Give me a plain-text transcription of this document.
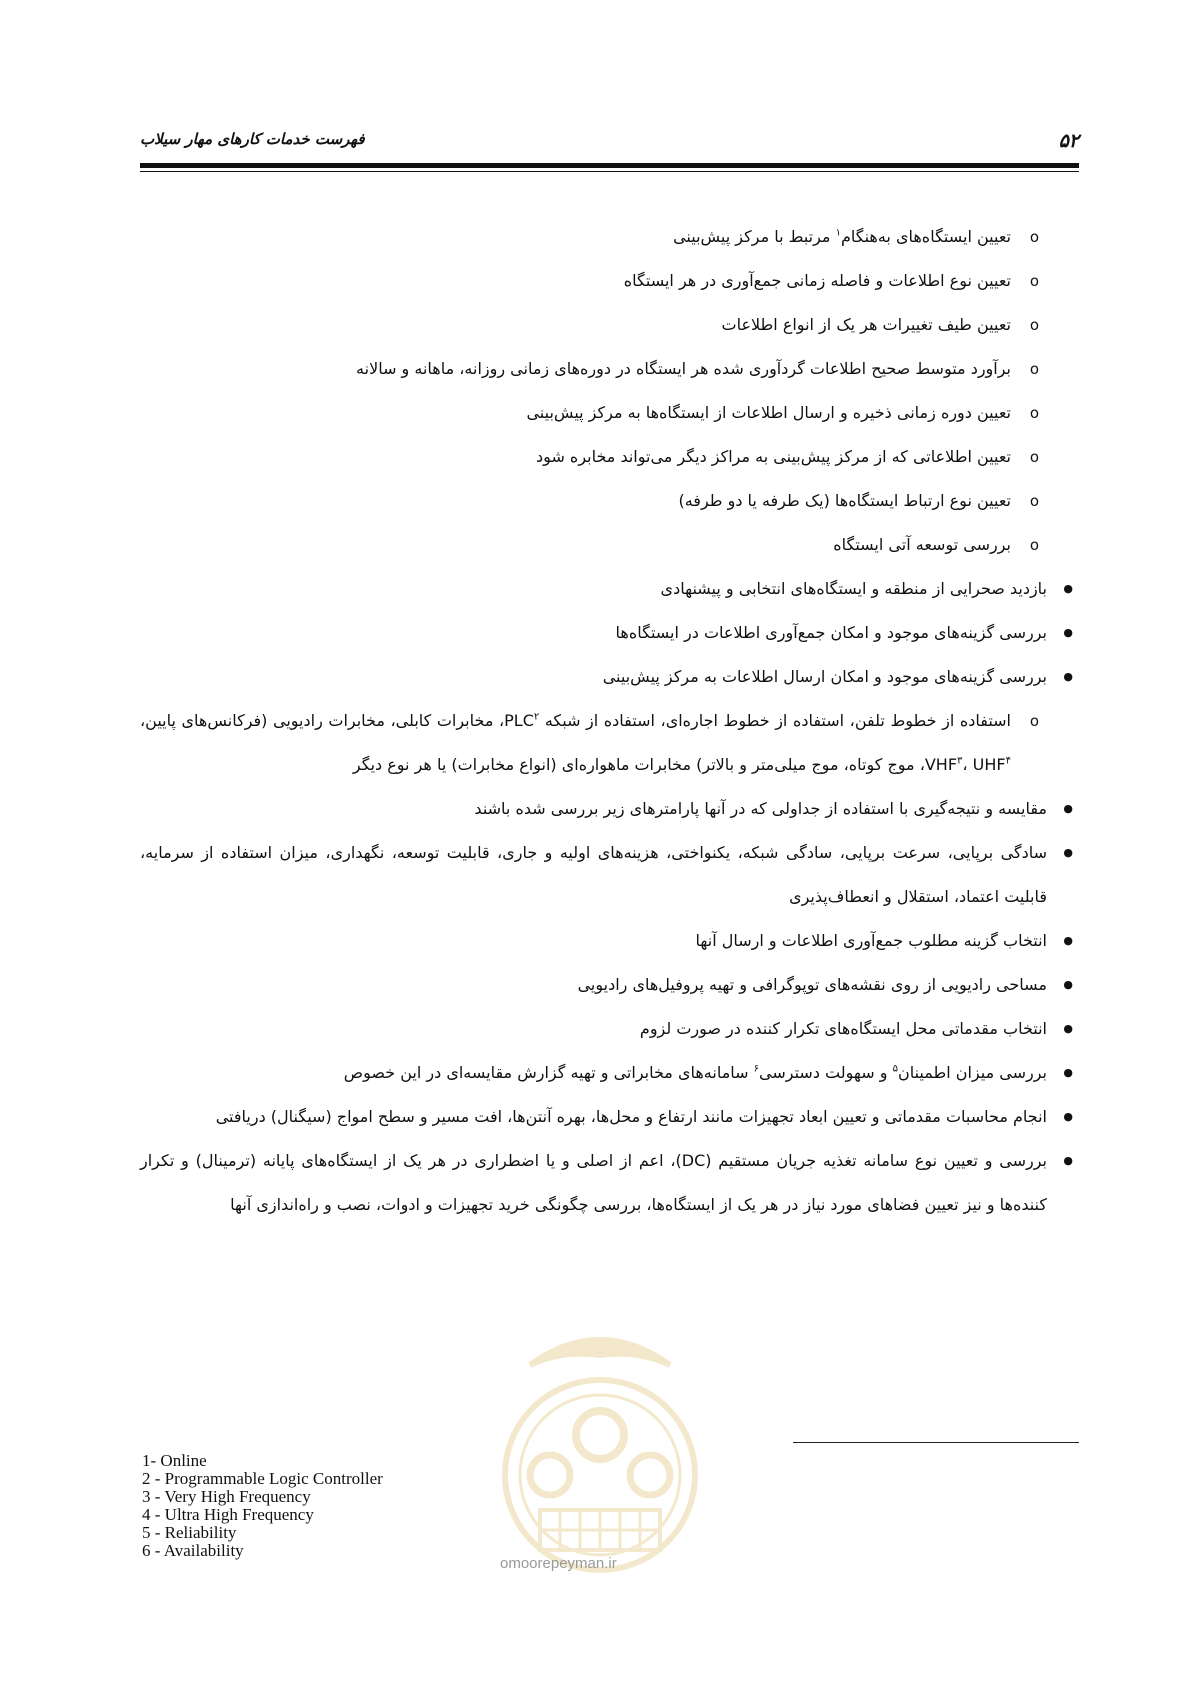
فهرست خدمات کارهای مهار سیلاب	۵۲
o
تعیین ایستگاه‌های به‌هنگام$^۱$ مرتبط با مرکز پیش‌بینی
o
تعیین نوع اطلاعات و فاصله زمانی جمع‌آوری در هر ایستگاه
o
تعیین طیف تغییرات هر یک از انواع اطلاعات
o
برآورد متوسط صحیح اطلاعات گردآوری شده هر ایستگاه در دوره‌های زمانی روزانه، ماهانه و سالانه
o
تعیین دوره زمانی ذخیره و ارسال اطلاعات از ایستگاه‌ها به مرکز پیش‌بینی
o
تعیین اطلاعاتی که از مرکز پیش‌بینی به مراکز دیگر می‌تواند مخابره شود
o
تعیین نوع ارتباط ایستگاه‌ها (یک طرفه یا دو طرفه)
o
بررسی توسعه آتی ایستگاه
●
بازدید صحرایی از منطقه و ایستگاه‌های انتخابی و پیشنهادی
●
بررسی گزینه‌های موجود و امکان جمع‌آوری اطلاعات در ایستگاه‌ها
●
بررسی گزینه‌های موجود و امکان ارسال اطلاعات به مرکز پیش‌بینی
o
استفاده از خطوط تلفن، استفاده از خطوط اجاره‌ای، استفاده از شبکه PLC$^۲$، مخابرات کابلی، مخابرات رادیویی (فرکانس‌های پایین، VHF$^۳$، UHF$^۴$، موج کوتاه، موج میلی‌متر و بالاتر) مخابرات ماهواره‌ای (انواع مخابرات) یا هر نوع دیگر
●
مقایسه و نتیجه‌گیری با استفاده از جداولی که در آنها پارامترهای زیر بررسی شده باشند
●
سادگی برپایی، سرعت برپایی، سادگی شبکه، یکنواختی، هزینه‌های اولیه و جاری، قابلیت توسعه، نگهداری، میزان استفاده از سرمایه، قابلیت اعتماد، استقلال و انعطاف‌پذیری
●
انتخاب گزینه مطلوب جمع‌آوری اطلاعات و ارسال آنها
●
مساحی رادیویی از روی نقشه‌های توپوگرافی و تهیه پروفیل‌های رادیویی
●
انتخاب مقدماتی محل ایستگاه‌های تکرار کننده در صورت لزوم
●
بررسی میزان اطمینان$^۵$ و سهولت دسترسی$^۶$ سامانه‌های مخابراتی و تهیه گزارش مقایسه‌ای در این خصوص
●
انجام محاسبات مقدماتی و تعیین ابعاد تجهیزات مانند ارتفاع و محل‌ها، بهره آنتن‌ها، افت مسیر و سطح امواج (سیگنال) دریافتی
●
بررسی و تعیین نوع سامانه تغذیه جریان مستقیم (DC)، اعم از اصلی و یا اضطراری در هر یک از ایستگاه‌های پایانه (ترمینال) و تکرار کننده‌ها و نیز تعیین فضاهای مورد نیاز در هر یک از ایستگاه‌ها، بررسی چگونگی خرید تجهیزات و ادوات، نصب و راه‌اندازی آنها
omoorepeyman.ir
1- Online
2 - Programmable Logic Controller
3 - Very High Frequency
4 - Ultra High Frequency
5 - Reliability
6 - Availability
